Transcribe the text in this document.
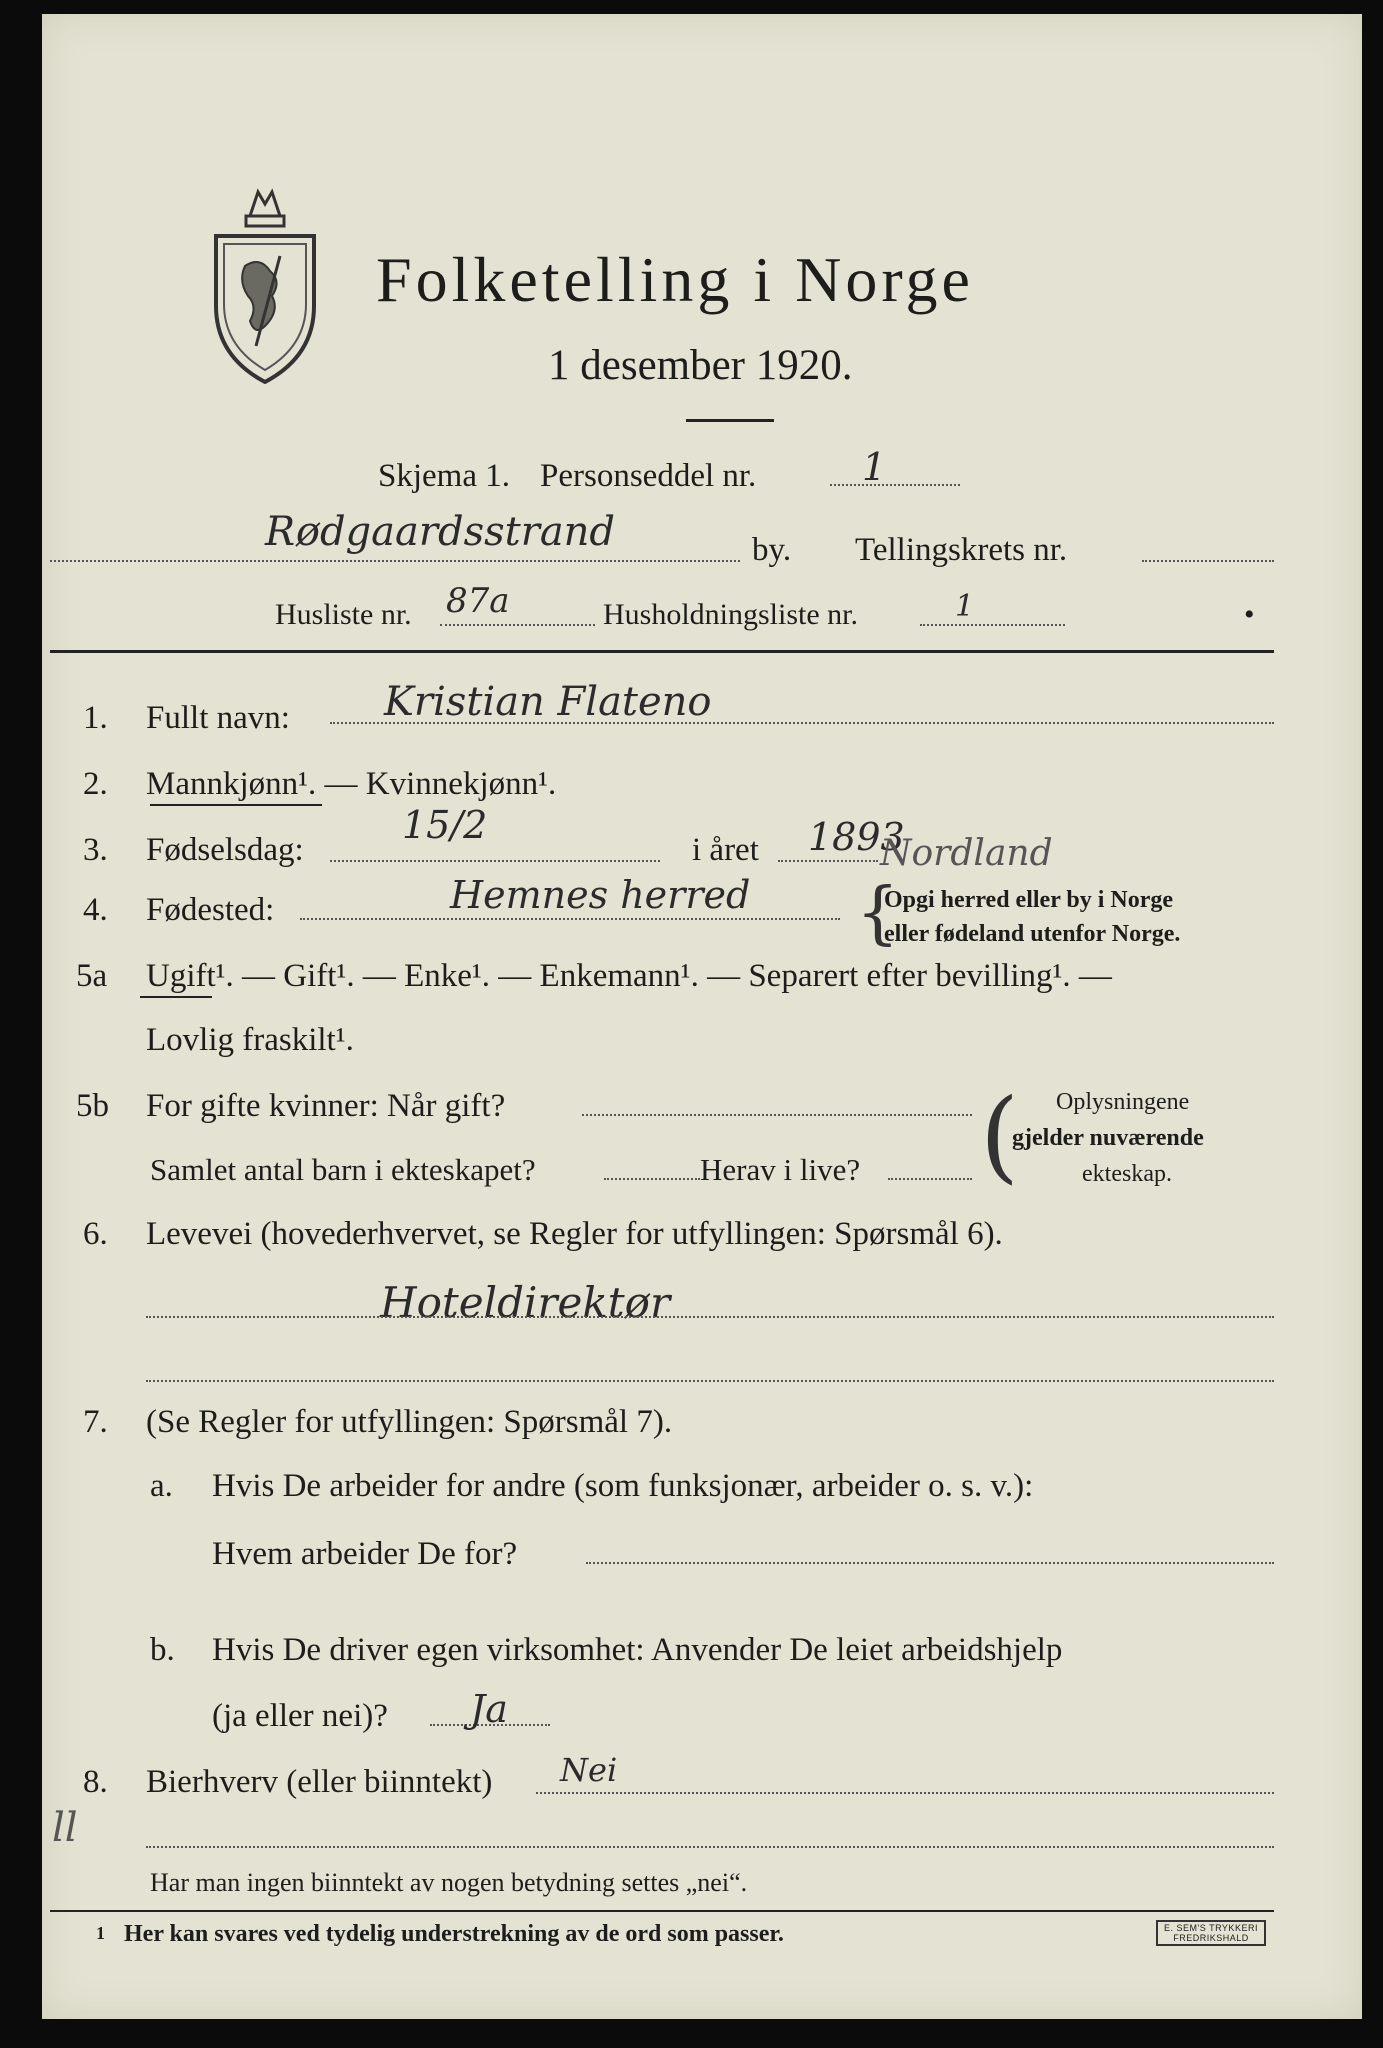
Folketelling i Norge
1 desember 1920.
Skjema 1. Personseddel nr.	1
Rødgaardsstrand	by. Tellingskrets nr.
Husliste nr. 87a	Husholdningsliste nr.	1	•
1. Fullt navn: Kristian Flateno
2. Mannkjønn¹. — Kvinnekjønn¹.
3. Fødselsdag:
15/2
i året 1893
4. Fødested:	Hemnes herred
Nordland
{
Opgi herred eller by i Norge
eller fødeland utenfor Norge.
5a Ugift¹. — Gift¹. — Enke¹. — Enkemann¹. — Separert efter bevilling¹. —
Lovlig fraskilt¹.
5b For gifte kvinner: Når gift?
Samlet antal barn i ekteskapet?	Herav i live? ( Oplysningene
gjelder nuværende
ekteskap.
6. Levevei (hovederhvervet, se Regler for utfyllingen: Spørsmål 6).
Hoteldirektør
7. (Se Regler for utfyllingen: Spørsmål 7).
a. Hvis De arbeider for andre (som funksjonær, arbeider o. s. v.):
Hvem arbeider De for?
b. Hvis De driver egen virksomhet: Anvender De leiet arbeidshjelp
(ja eller nei)? Ja
8. Bierhverv (eller biinntekt) Nei
ll
Har man ingen biinntekt av nogen betydning settes „nei“.
1 Her kan svares ved tydelig understrekning av de ord som passer.	E. SEM'S TRYKKERI
FREDRIKSHALD
